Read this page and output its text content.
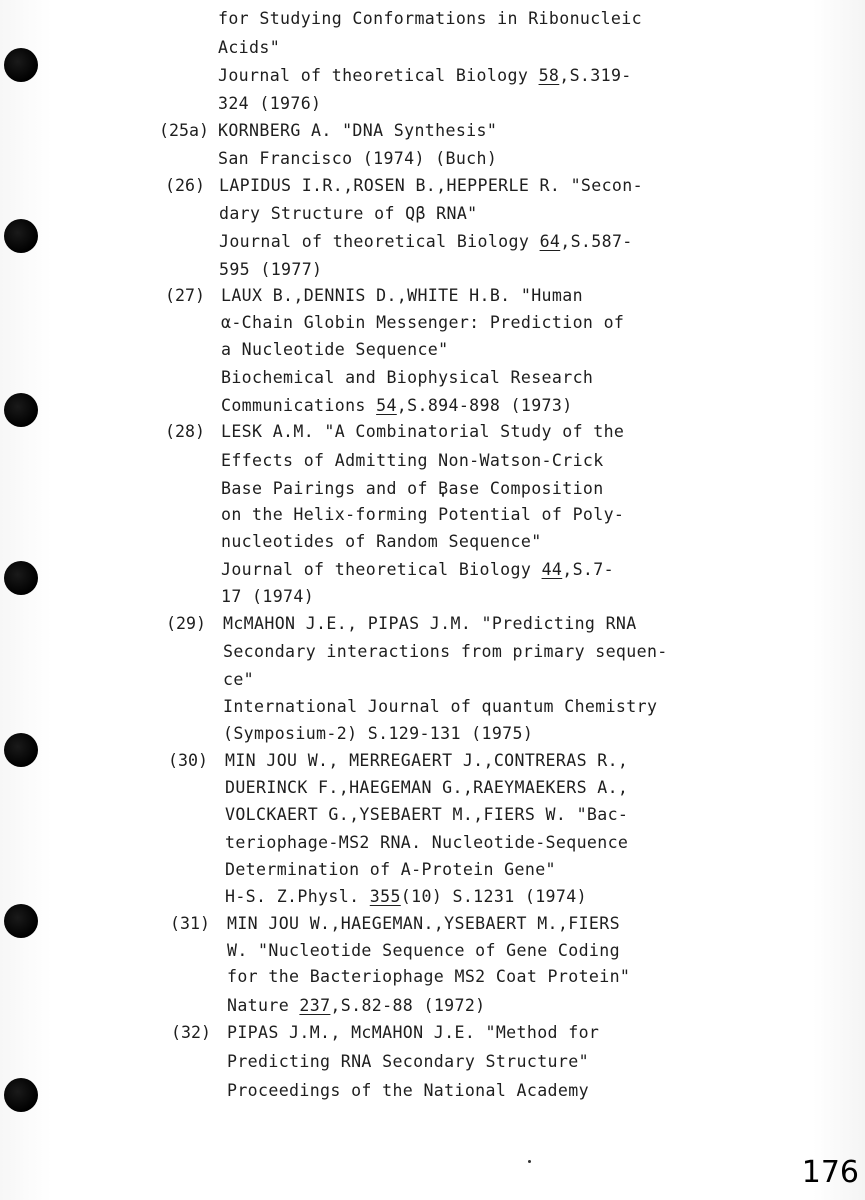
for Studying Conformations in Ribonucleic
Acids"
Journal of theoretical Biology 58,S.319-
324 (1976)
KORNBERG A. "DNA Synthesis"
San Francisco (1974) (Buch)
LAPIDUS I.R.,ROSEN B.,HEPPERLE R. "Secon-
dary Structure of Qβ RNA"
Journal of theoretical Biology 64,S.587-
595 (1977)
LAUX B.,DENNIS D.,WHITE H.B. "Human
α-Chain Globin Messenger: Prediction of
a Nucleotide Sequence"
Biochemical and Biophysical Research
Communications 54,S.894-898 (1973)
LESK A.M. "A Combinatorial Study of the
Effects of Admitting Non-Watson-Crick
Base Pairings and of Base Composition
on the Helix-forming Potential of Poly-
nucleotides of Random Sequence"
Journal of theoretical Biology 44,S.7-
17 (1974)
McMAHON J.E., PIPAS J.M. "Predicting RNA
Secondary interactions from primary sequen-
ce"
International Journal of quantum Chemistry
(Symposium-2) S.129-131 (1975)
MIN JOU W., MERREGAERT J.,CONTRERAS R.,
DUERINCK F.,HAEGEMAN G.,RAEYMAEKERS A.,
VOLCKAERT G.,YSEBAERT M.,FIERS W. "Bac-
teriophage-MS2 RNA. Nucleotide-Sequence
Determination of A-Protein Gene"
H-S. Z.Physl. 355(10) S.1231 (1974)
MIN JOU W.,HAEGEMAN.,YSEBAERT M.,FIERS
W. "Nucleotide Sequence of Gene Coding
for the Bacteriophage MS2 Coat Protein"
Nature 237,S.82-88 (1972)
PIPAS J.M., McMAHON J.E. "Method for
Predicting RNA Secondary Structure"
Proceedings of the National Academy
(25a)
(26)
(27)
(28)
(29)
(30)
(31)
(32)
176
